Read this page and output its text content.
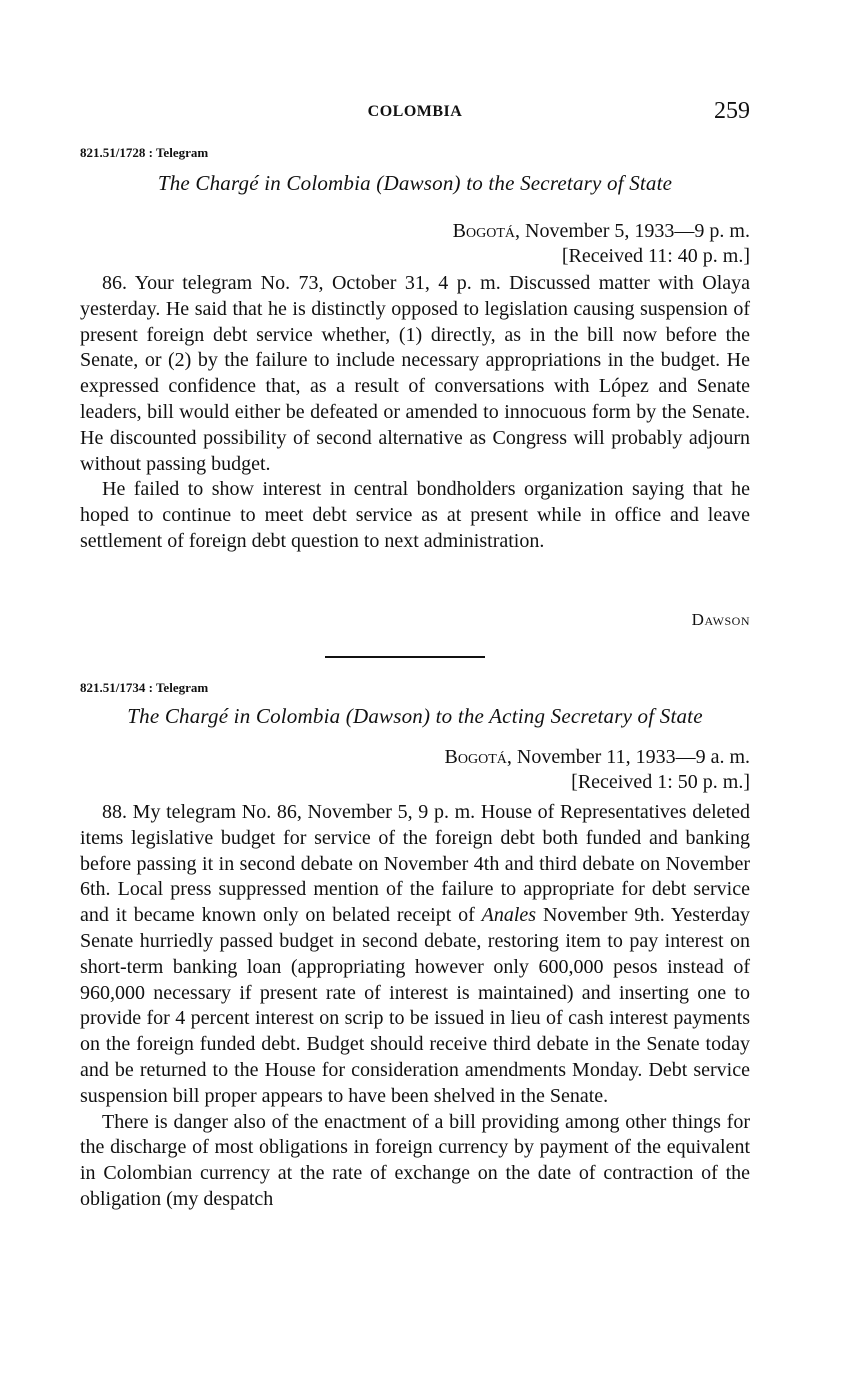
COLOMBIA	259
821.51/1728 : Telegram
The Chargé in Colombia (Dawson) to the Secretary of State
Bogotá, November 5, 1933—9 p. m.
[Received 11: 40 p. m.]

86. Your telegram No. 73, October 31, 4 p. m. Discussed matter with Olaya yesterday. He said that he is distinctly opposed to legislation causing suspension of present foreign debt service whether, (1) directly, as in the bill now before the Senate, or (2) by the failure to include necessary appropriations in the budget. He expressed confidence that, as a result of conversations with López and Senate leaders, bill would either be defeated or amended to innocuous form by the Senate. He discounted possibility of second alternative as Congress will probably adjourn without passing budget.

He failed to show interest in central bondholders organization saying that he hoped to continue to meet debt service as at present while in office and leave settlement of foreign debt question to next administration.

Dawson
821.51/1734 : Telegram
The Chargé in Colombia (Dawson) to the Acting Secretary of State
Bogotá, November 11, 1933—9 a. m.
[Received 1: 50 p. m.]

88. My telegram No. 86, November 5, 9 p. m. House of Representatives deleted items legislative budget for service of the foreign debt both funded and banking before passing it in second debate on November 4th and third debate on November 6th. Local press suppressed mention of the failure to appropriate for debt service and it became known only on belated receipt of Anales November 9th. Yesterday Senate hurriedly passed budget in second debate, restoring item to pay interest on short-term banking loan (appropriating however only 600,000 pesos instead of 960,000 necessary if present rate of interest is maintained) and inserting one to provide for 4 percent interest on scrip to be issued in lieu of cash interest payments on the foreign funded debt. Budget should receive third debate in the Senate today and be returned to the House for consideration amendments Monday. Debt service suspension bill proper appears to have been shelved in the Senate.

There is danger also of the enactment of a bill providing among other things for the discharge of most obligations in foreign currency by payment of the equivalent in Colombian currency at the rate of exchange on the date of contraction of the obligation (my despatch
